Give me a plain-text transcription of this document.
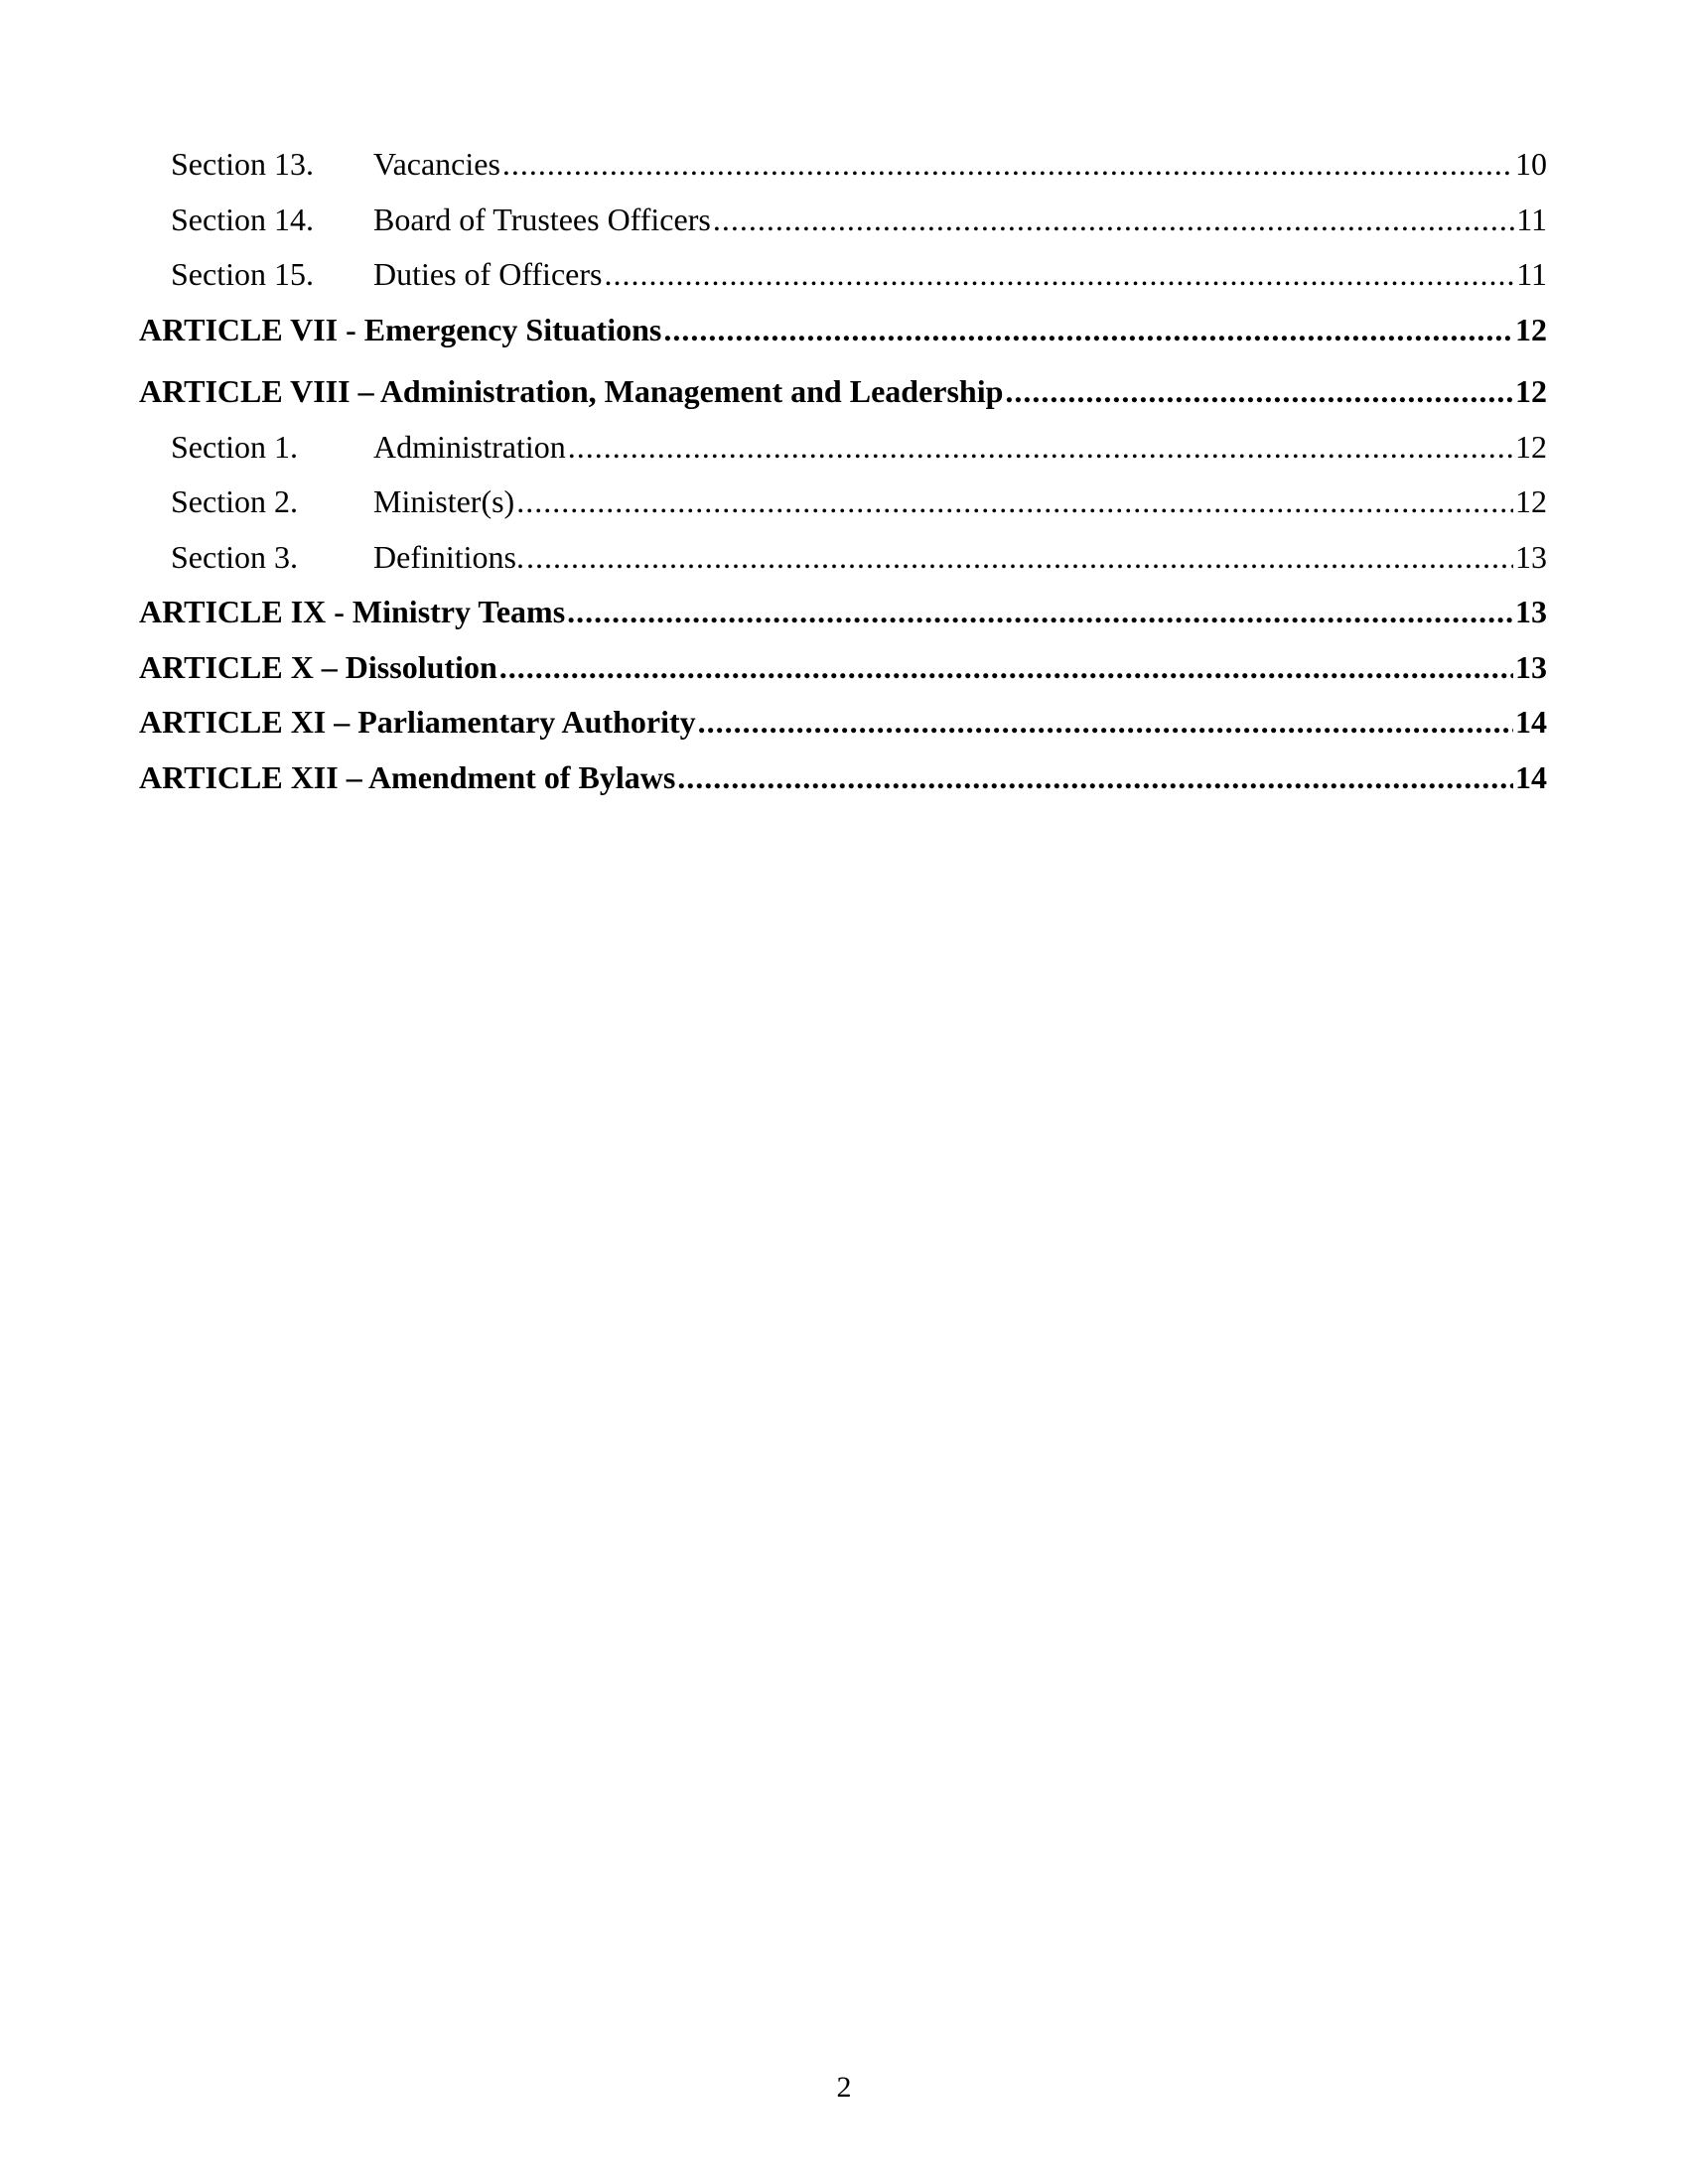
Section 13.	Vacancies .....	10
Section 14.	Board of Trustees Officers .....	11
Section 15.	Duties of Officers .....	11
ARTICLE VII - Emergency Situations .....	12
ARTICLE VIII – Administration, Management and Leadership .....	12
Section 1.	Administration .....	12
Section 2.	Minister(s) .....	12
Section 3.	Definitions. .....	13
ARTICLE IX - Ministry Teams .....	13
ARTICLE X – Dissolution .....	13
ARTICLE XI – Parliamentary Authority .....	14
ARTICLE XII – Amendment of Bylaws .....	14
2
